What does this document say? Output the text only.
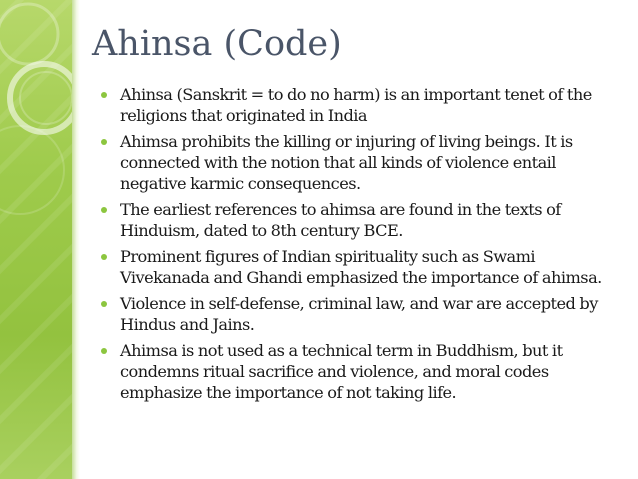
Ahinsa (Code)
Ahinsa (Sanskrit = to do no harm) is an important tenet of the religions that originated in India
Ahimsa prohibits the killing or injuring of living beings. It is connected with the notion that all kinds of violence entail negative karmic consequences.
The earliest references to ahimsa are found in the texts of Hinduism, dated to 8th century BCE.
Prominent figures of Indian spirituality such as Swami Vivekanada and Ghandi emphasized the importance of ahimsa.
Violence in self-defense, criminal law, and war are accepted by Hindus and Jains.
Ahimsa is not used as a technical term in Buddhism, but it condemns ritual sacrifice and violence, and moral codes emphasize the importance of not taking life.
